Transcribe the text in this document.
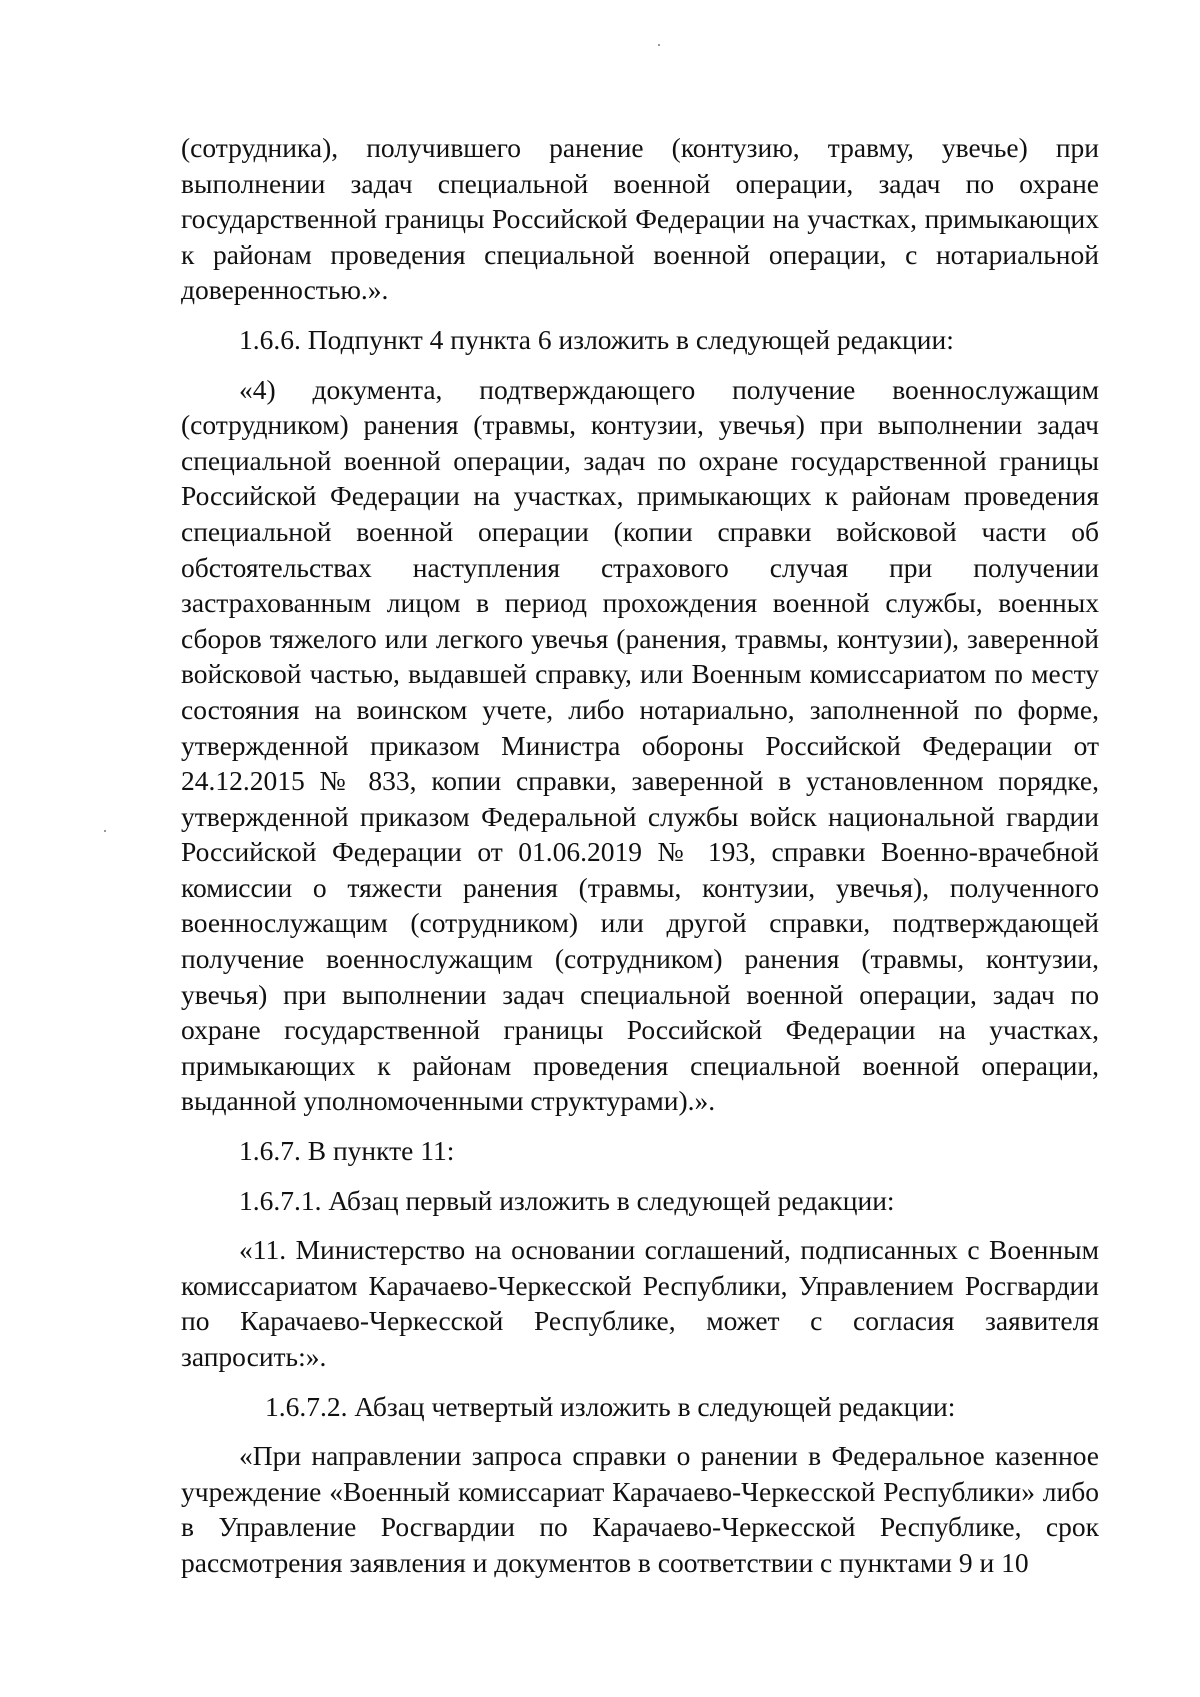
(сотрудника), получившего ранение (контузию, травму, увечье) при выполнении задач специальной военной операции, задач по охране государственной границы Российской Федерации на участках, примыкающих к районам проведения специальной военной операции, с нотариальной доверенностью.».

1.6.6. Подпункт 4 пункта 6 изложить в следующей редакции:

«4) документа, подтверждающего получение военнослужащим (сотрудником) ранения (травмы, контузии, увечья) при выполнении задач специальной военной операции, задач по охране государственной границы Российской Федерации на участках, примыкающих к районам проведения специальной военной операции (копии справки войсковой части об обстоятельствах наступления страхового случая при получении застрахованным лицом в период прохождения военной службы, военных сборов тяжелого или легкого увечья (ранения, травмы, контузии), заверенной войсковой частью, выдавшей справку, или Военным комиссариатом по месту состояния на воинском учете, либо нотариально, заполненной по форме, утвержденной приказом Министра обороны Российской Федерации от 24.12.2015 № 833, копии справки, заверенной в установленном порядке, утвержденной приказом Федеральной службы войск национальной гвардии Российской Федерации от 01.06.2019 № 193, справки Военно-врачебной комиссии о тяжести ранения (травмы, контузии, увечья), полученного военнослужащим (сотрудником) или другой справки, подтверждающей получение военнослужащим (сотрудником) ранения (травмы, контузии, увечья) при выполнении задач специальной военной операции, задач по охране государственной границы Российской Федерации на участках, примыкающих к районам проведения специальной военной операции, выданной уполномоченными структурами).».

1.6.7. В пункте 11:

1.6.7.1. Абзац первый изложить в следующей редакции:

«11. Министерство на основании соглашений, подписанных с Военным комиссариатом Карачаево-Черкесской Республики, Управлением Росгвардии по Карачаево-Черкесской Республике, может с согласия заявителя запросить:».

1.6.7.2. Абзац четвертый изложить в следующей редакции:

«При направлении запроса справки о ранении в Федеральное казенное учреждение «Военный комиссариат Карачаево-Черкесской Республики» либо в Управление Росгвардии по Карачаево-Черкесской Республике, срок рассмотрения заявления и документов в соответствии с пунктами 9 и 10
